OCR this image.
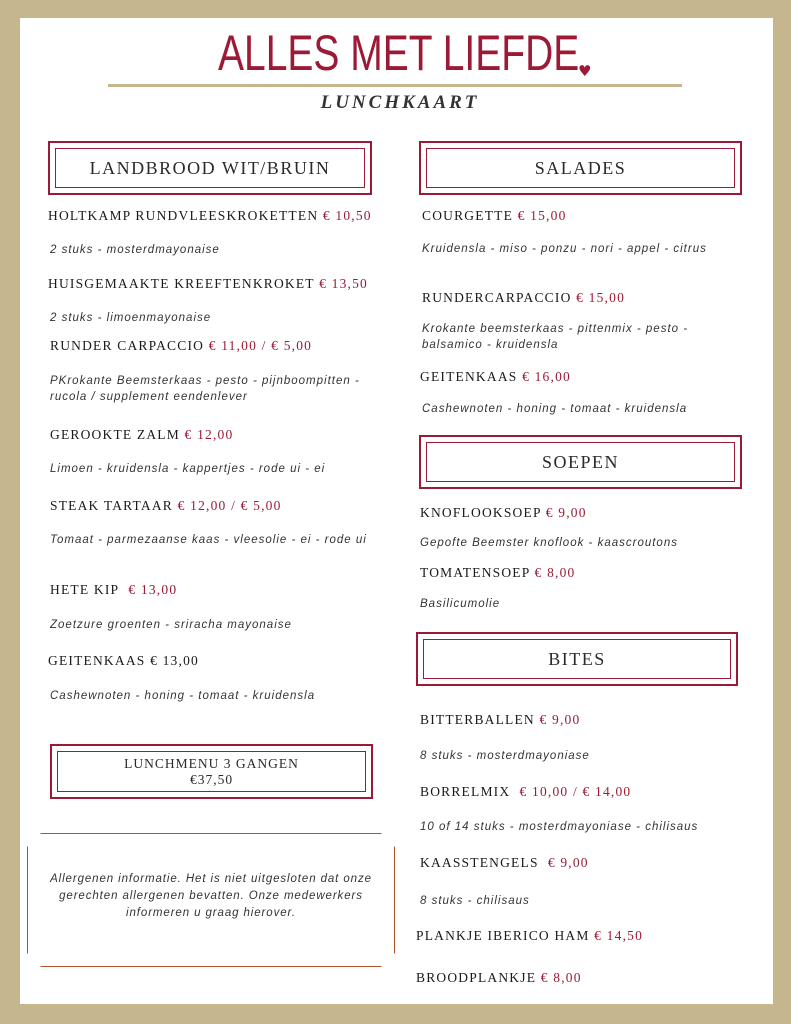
ALLES MET LIEFDE
♥
LUNCHKAART
LANDBROOD WIT/BRUIN

HOLTKAMP RUNDVLEESKROKETTEN € 10,50

2 stuks - mosterdmayonaise

HUISGEMAAKTE KREEFTENKROKET € 13,50

2 stuks - limoenmayonaise

RUNDER CARPACCIO € 11,00 / € 5,00

PKrokante Beemsterkaas - pesto - pijnboompitten - rucola / supplement eendenlever

GEROOKTE ZALM € 12,00

Limoen - kruidensla - kappertjes - rode ui - ei

STEAK TARTAAR € 12,00 / € 5,00

Tomaat - parmezaanse kaas - vleesolie - ei - rode ui

HETE KIP € 13,00

Zoetzure groenten - sriracha mayonaise

GEITENKAAS € 13,00

Cashewnoten - honing - tomaat - kruidensla

LUNCHMENU 3 GANGEN
€37,50

Allergenen informatie. Het is niet uitgesloten dat onze gerechten allergenen bevatten. Onze medewerkers informeren u graag hierover.

SALADES

COURGETTE € 15,00

Kruidensla - miso - ponzu - nori - appel - citrus

RUNDERCARPACCIO € 15,00

Krokante beemsterkaas - pittenmix - pesto - balsamico - kruidensla

GEITENKAAS € 16,00

Cashewnoten - honing - tomaat - kruidensla

SOEPEN

KNOFLOOKSOEP € 9,00

Gepofte Beemster knoflook - kaascroutons

TOMATENSOEP € 8,00

Basilicumolie

BITES

BITTERBALLEN € 9,00

8 stuks - mosterdmayoniase

BORRELMIX  € 10,00 / € 14,00

10 of 14 stuks - mosterdmayoniase - chilisaus

KAASSTENGELS  € 9,00

8 stuks - chilisaus

PLANKJE IBERICO HAM € 14,50

BROODPLANKJE € 8,00
